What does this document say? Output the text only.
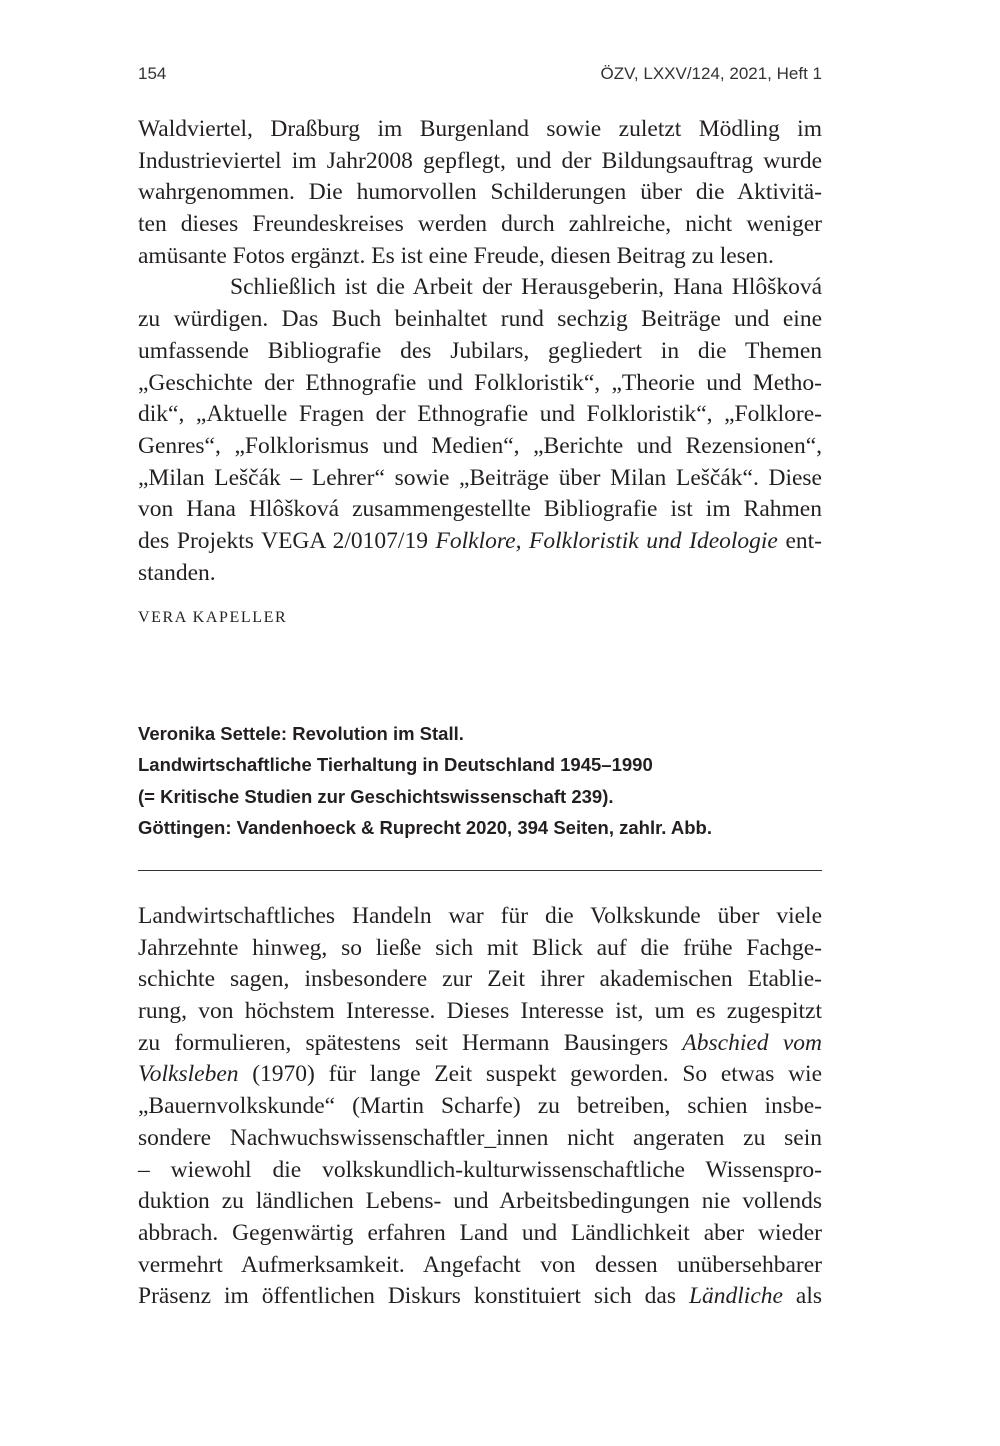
154	ÖZV, LXXV/124, 2021, Heft 1
Waldviertel, Draßburg im Burgenland sowie zuletzt Mödling im
Industrieviertel im Jahr2008 gepflegt, und der Bildungsauftrag wurde
wahrgenommen. Die humorvollen Schilderungen über die Aktivitä-
ten dieses Freundeskreises werden durch zahlreiche, nicht weniger
amüsante Fotos ergänzt. Es ist eine Freude, diesen Beitrag zu lesen.
Schließlich ist die Arbeit der Herausgeberin, Hana Hlôšková
zu würdigen. Das Buch beinhaltet rund sechzig Beiträge und eine
umfassende Bibliografie des Jubilars, gegliedert in die Themen
„Geschichte der Ethnografie und Folkloristik“, „Theorie und Metho-
dik“, „Aktuelle Fragen der Ethnografie und Folkloristik“, „Folklore-
Genres“, „Folklorismus und Medien“, „Berichte und Rezensionen“,
„Milan Leščák – Lehrer“ sowie „Beiträge über Milan Leščák“. Diese
von Hana Hlôšková zusammengestellte Bibliografie ist im Rahmen
des Projekts VEGA 2/0107/19 Folklore, Folkloristik und Ideologie ent-
standen.
VERA KAPELLER
Veronika Settele: Revolution im Stall.
Landwirtschaftliche Tierhaltung in Deutschland 1945–1990
(= Kritische Studien zur Geschichtswissenschaft 239).
Göttingen: Vandenhoeck & Ruprecht 2020, 394 Seiten, zahlr. Abb.
Landwirtschaftliches Handeln war für die Volkskunde über viele
Jahrzehnte hinweg, so ließe sich mit Blick auf die frühe Fachge-
schichte sagen, insbesondere zur Zeit ihrer akademischen Etablie-
rung, von höchstem Interesse. Dieses Interesse ist, um es zugespitzt
zu formulieren, spätestens seit Hermann Bausingers Abschied vom
Volksleben (1970) für lange Zeit suspekt geworden. So etwas wie
„Bauernvolkskunde“ (Martin Scharfe) zu betreiben, schien insbe-
sondere Nachwuchswissenschaftler_innen nicht angeraten zu sein
– wiewohl die volkskundlich-kulturwissenschaftliche Wissenspro-
duktion zu ländlichen Lebens- und Arbeitsbedingungen nie vollends
abbrach. Gegenwärtig erfahren Land und Ländlichkeit aber wieder
vermehrt Aufmerksamkeit. Angefacht von dessen unübersehbarer
Präsenz im öffentlichen Diskurs konstituiert sich das Ländliche als
